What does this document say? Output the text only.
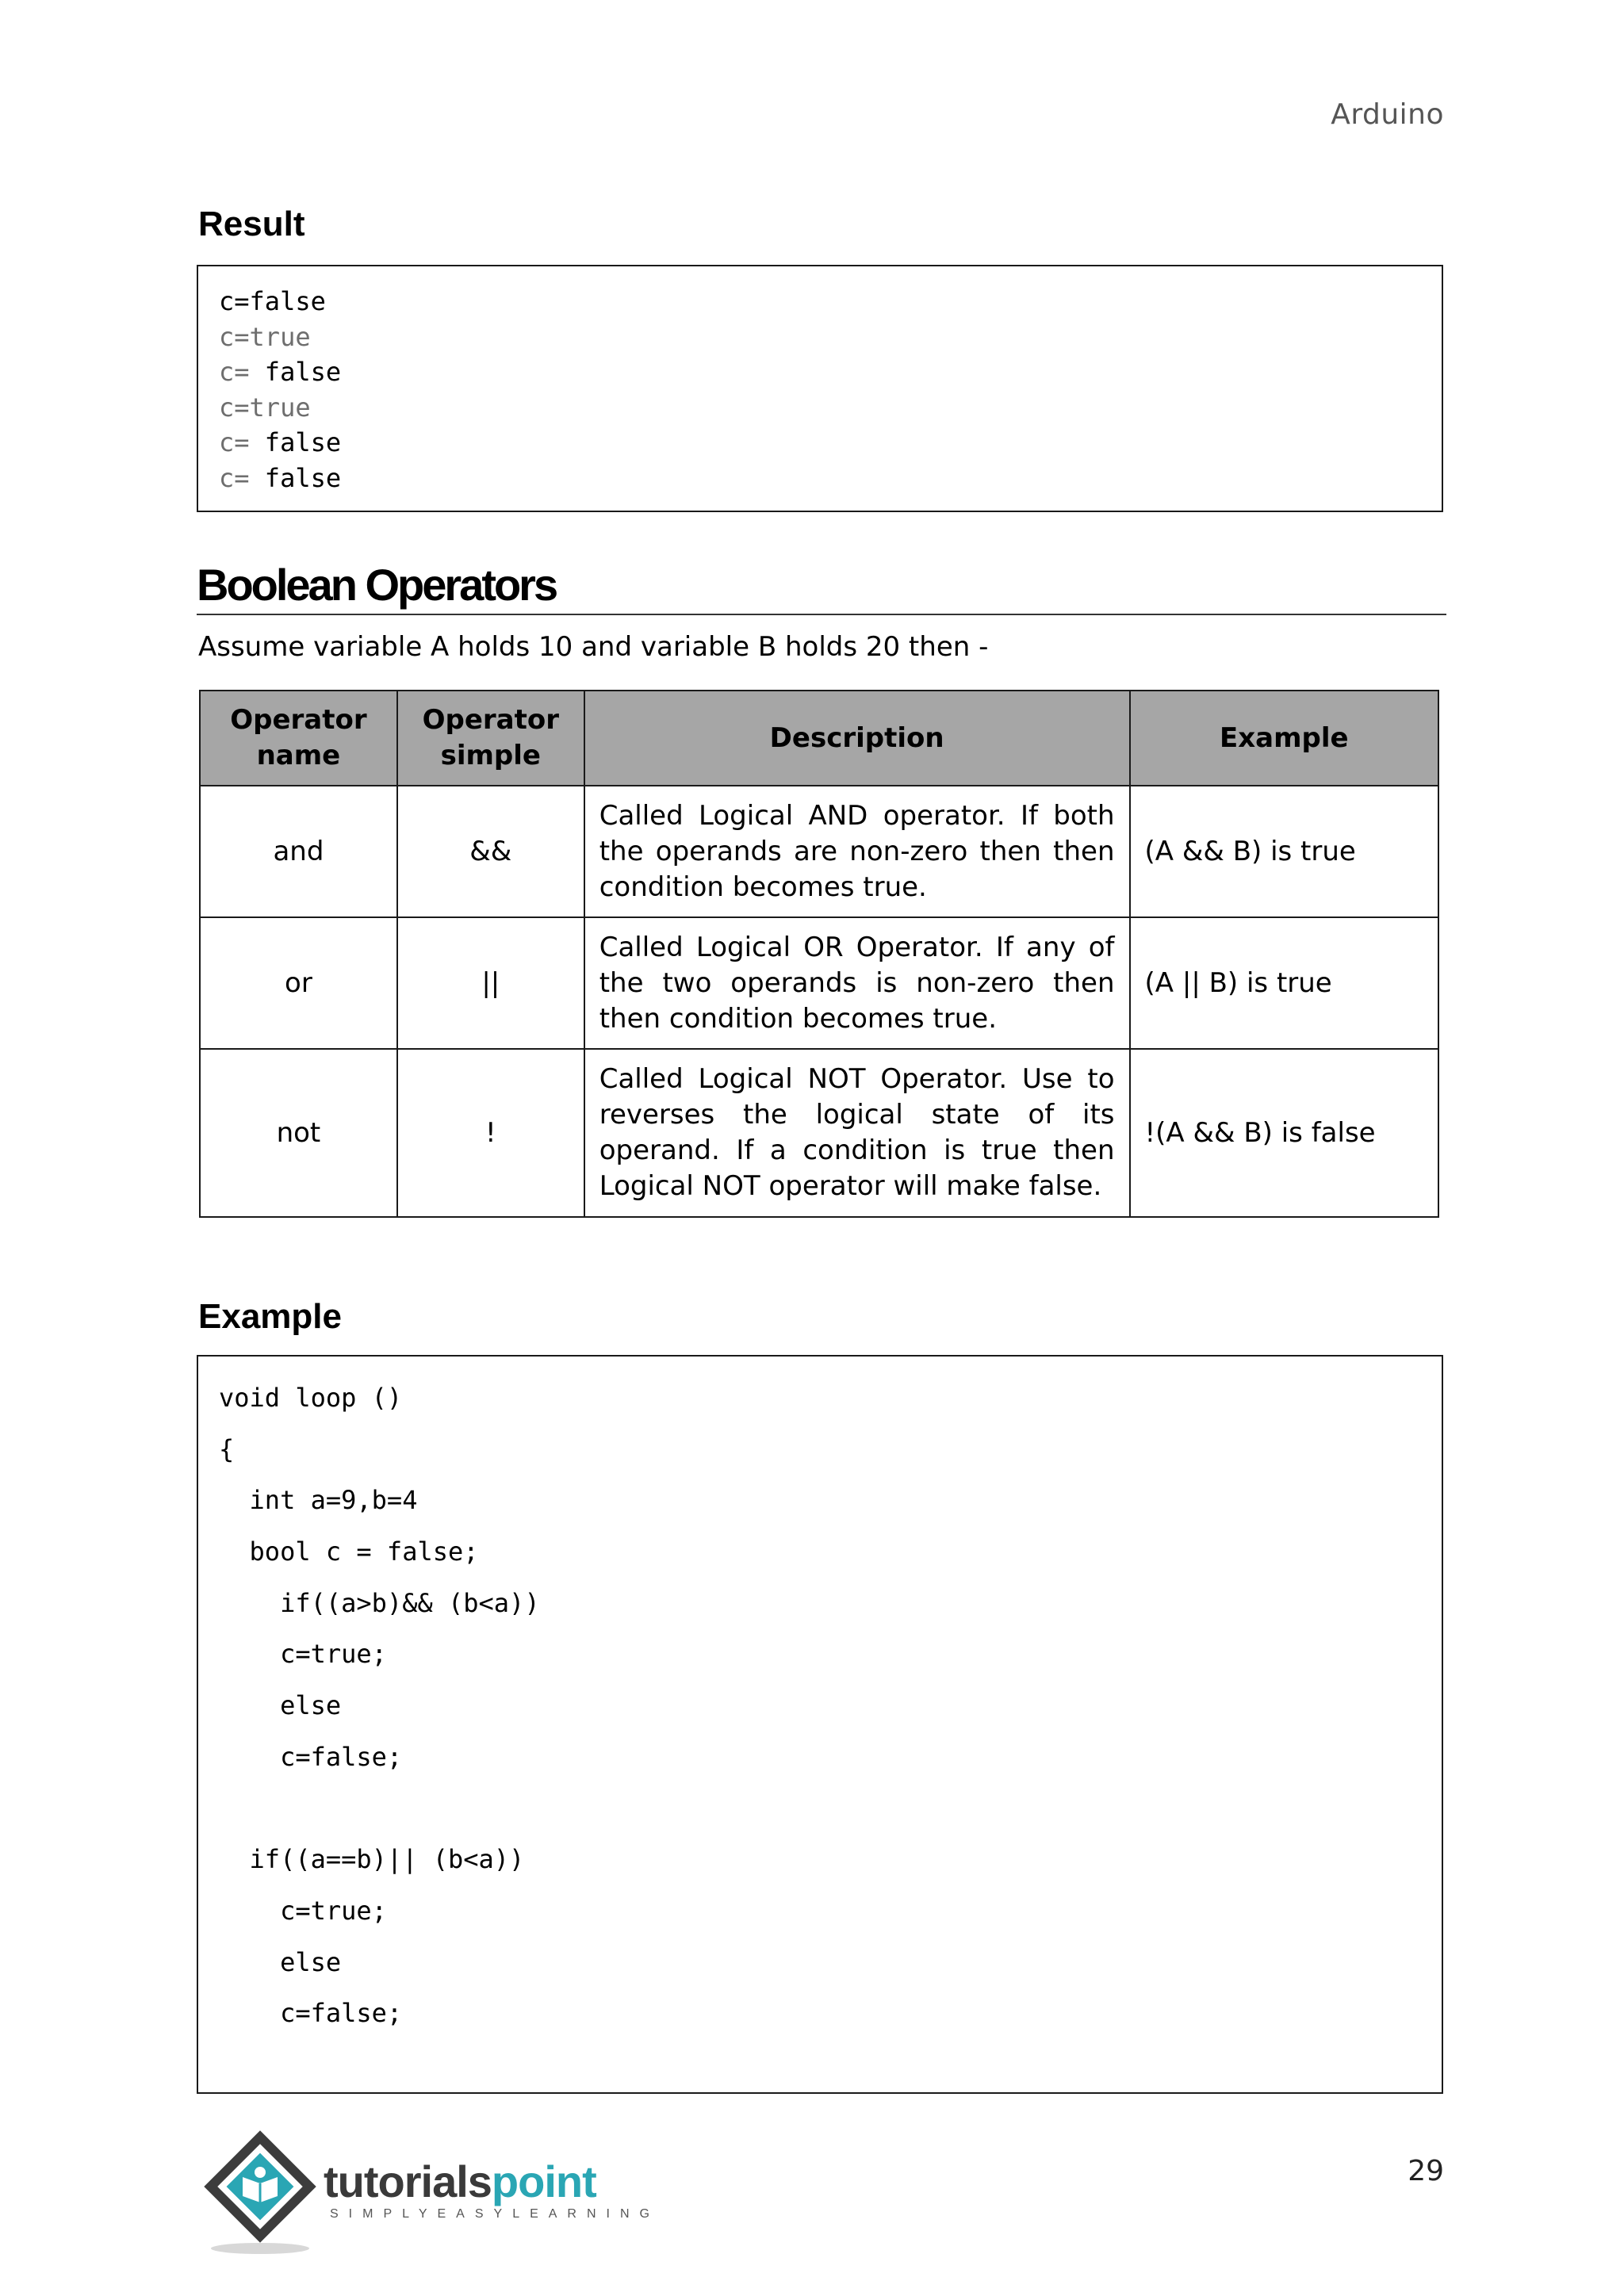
Arduino
Result
c=false
c=true
c= false
c=true
c= false
c= false
Boolean Operators
Assume variable A holds 10 and variable B holds 20 then -
Operator name	Operator simple	Description	Example
and	&&	Called Logical AND operator. If both the operands are non-zero then then condition becomes true.	(A && B) is true
or	||	Called Logical OR Operator. If any of the two operands is non-zero then then condition becomes true.	(A || B) is true
not	!	Called Logical NOT Operator. Use to reverses the logical state of its operand. If a condition is true then Logical NOT operator will make false.	!(A && B) is false
Example
void loop ()
{
int a=9,b=4
bool c = false;
if((a>b)&& (b<a))
c=true;
else
c=false;
if((a==b)|| (b<a))
c=true;
else
c=false;
tutorialspoint
SIMPLYEASYLEARNING
29
